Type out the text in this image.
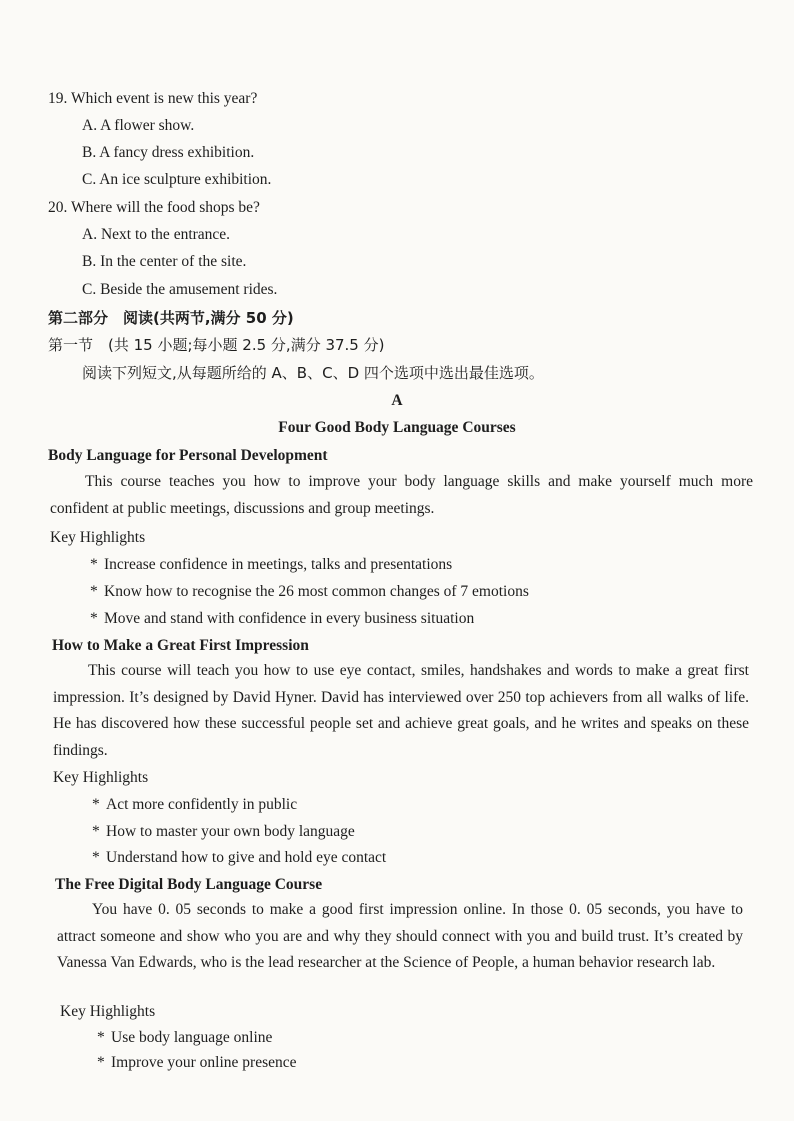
19. Which event is new this year?
A. A flower show.
B. A fancy dress exhibition.
C. An ice sculpture exhibition.
20. Where will the food shops be?
A. Next to the entrance.
B. In the center of the site.
C. Beside the amusement rides.
第二部分　阅读(共两节,满分 50 分)
第一节　(共 15 小题;每小题 2.5 分,满分 37.5 分)
阅读下列短文,从每题所给的 A、B、C、D 四个选项中选出最佳选项。
A
Four Good Body Language Courses
Body Language for Personal Development
This course teaches you how to improve your body language skills and make yourself much more confident at public meetings, discussions and group meetings.
Key Highlights
* Increase confidence in meetings, talks and presentations
* Know how to recognise the 26 most common changes of 7 emotions
* Move and stand with confidence in every business situation
How to Make a Great First Impression
This course will teach you how to use eye contact, smiles, handshakes and words to make a great first impression. It’s designed by David Hyner. David has interviewed over 250 top achievers from all walks of life. He has discovered how these successful people set and achieve great goals, and he writes and speaks on these findings.
Key Highlights
* Act more confidently in public
* How to master your own body language
* Understand how to give and hold eye contact
The Free Digital Body Language Course
You have 0. 05 seconds to make a good first impression online. In those 0. 05 seconds, you have to attract someone and show who you are and why they should connect with you and build trust. It’s created by Vanessa Van Edwards, who is the lead researcher at the Science of People, a human behavior research lab.
Key Highlights
* Use body language online
* Improve your online presence
